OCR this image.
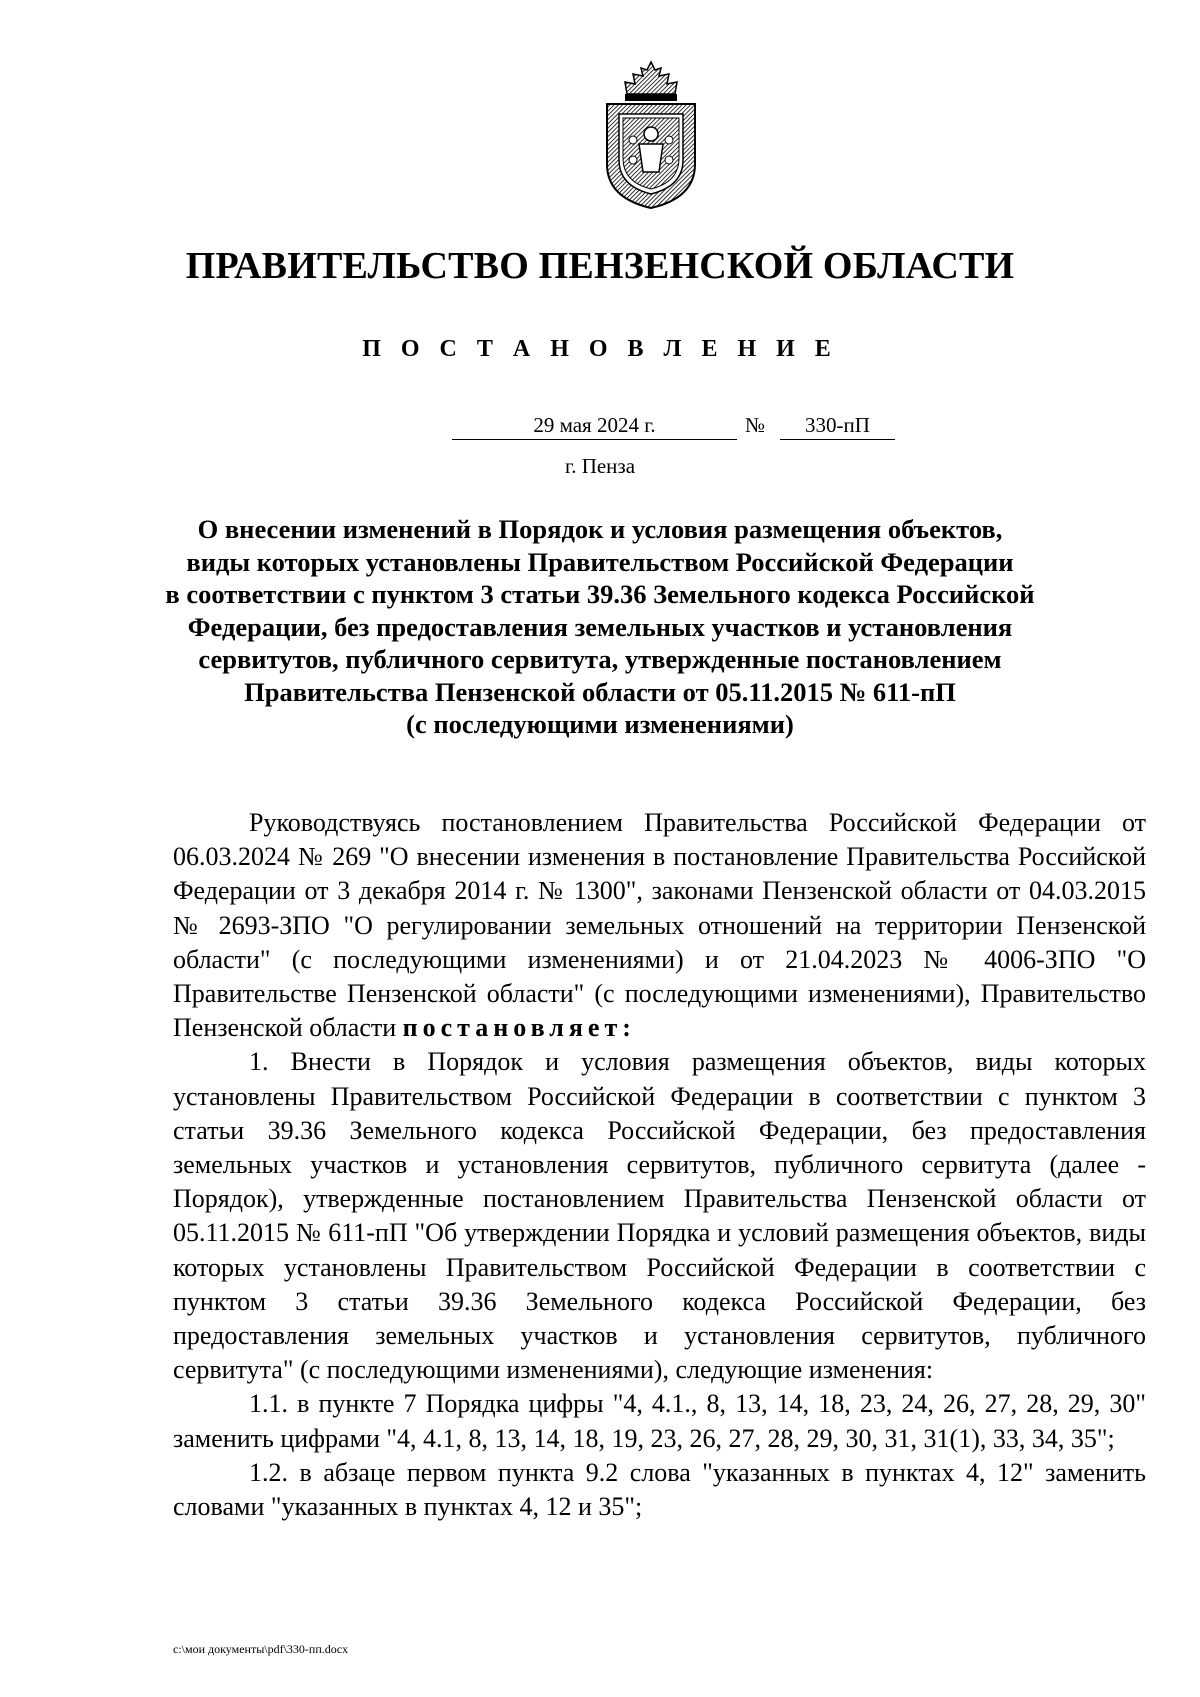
ПРАВИТЕЛЬСТВО ПЕНЗЕНСКОЙ ОБЛАСТИ
П О С Т А Н О В Л Е Н И Е
29 мая 2024 г.	№	330-пП
г. Пенза
О внесении изменений в Порядок и условия размещения объектов,
виды которых установлены Правительством Российской Федерации
в соответствии с пунктом 3 статьи 39.36 Земельного кодекса Российской
Федерации, без предоставления земельных участков и установления
сервитутов, публичного сервитута, утвержденные постановлением
Правительства Пензенской области от 05.11.2015 № 611-пП
(с последующими изменениями)

Руководствуясь постановлением Правительства Российской Федерации от 06.03.2024 № 269 "О внесении изменения в постановление Правительства Российской Федерации от 3 декабря 2014 г. № 1300", законами Пензенской области от 04.03.2015 № 2693-ЗПО "О регулировании земельных отношений на территории Пензенской области" (с последующими изменениями) и от 21.04.2023 № 4006-ЗПО "О Правительстве Пензенской области" (с последующими изменениями), Правительство Пензенской области постановляет:

1. Внести в Порядок и условия размещения объектов, виды которых установлены Правительством Российской Федерации в соответствии с пунктом 3 статьи 39.36 Земельного кодекса Российской Федерации, без предоставления земельных участков и установления сервитутов, публичного сервитута (далее - Порядок), утвержденные постановлением Правительства Пензенской области от 05.11.2015 № 611-пП "Об утверждении Порядка и условий размещения объектов, виды которых установлены Правительством Российской Федерации в соответствии с пунктом 3 статьи 39.36 Земельного кодекса Российской Федерации, без предоставления земельных участков и установления сервитутов, публичного сервитута" (с последующими изменениями), следующие изменения:

1.1. в пункте 7 Порядка цифры "4, 4.1., 8, 13, 14, 18, 23, 24, 26, 27, 28, 29, 30" заменить цифрами "4, 4.1, 8, 13, 14, 18, 19, 23, 26, 27, 28, 29, 30, 31, 31(1), 33, 34, 35";

1.2. в абзаце первом пункта 9.2 слова "указанных в пунктах 4, 12" заменить словами "указанных в пунктах 4, 12 и 35";

c:\мои документы\pdf\330-пп.docx
